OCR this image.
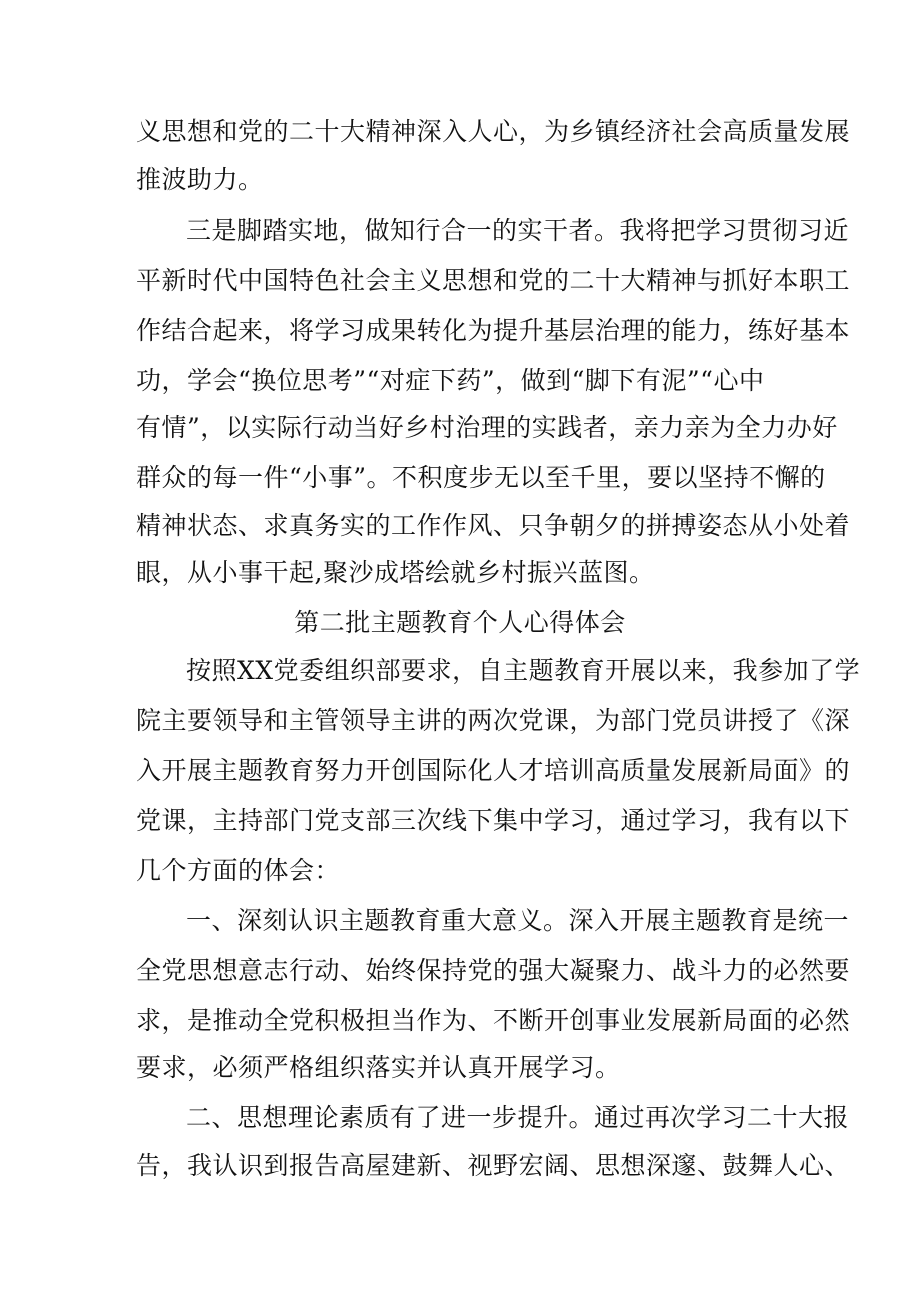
义思想和党的二十大精神深入人心，为乡镇经济社会高质量发展
推波助力。
三是脚踏实地，做知行合一的实干者。我将把学习贯彻习近
平新时代中国特色社会主义思想和党的二十大精神与抓好本职工
作结合起来，将学习成果转化为提升基层治理的能力，练好基本
功，学会“换位思考”“对症下药”，做到“脚下有泥”“心中
有情”，以实际行动当好乡村治理的实践者，亲力亲为全力办好
群众的每一件“小事”。不积度步无以至千里，要以坚持不懈的
精神状态、求真务实的工作作风、只争朝夕的拼搏姿态从小处着
眼，从小事干起,聚沙成塔绘就乡村振兴蓝图。
第二批主题教育个人心得体会
按照XX党委组织部要求，自主题教育开展以来，我参加了学
院主要领导和主管领导主讲的两次党课，为部门党员讲授了《深
入开展主题教育努力开创国际化人才培训高质量发展新局面》的
党课，主持部门党支部三次线下集中学习，通过学习，我有以下
几个方面的体会：
一、深刻认识主题教育重大意义。深入开展主题教育是统一
全党思想意志行动、始终保持党的强大凝聚力、战斗力的必然要
求，是推动全党积极担当作为、不断开创事业发展新局面的必然
要求，必须严格组织落实并认真开展学习。
二、思想理论素质有了进一步提升。通过再次学习二十大报
告，我认识到报告高屋建新、视野宏阔、思想深邃、鼓舞人心、
